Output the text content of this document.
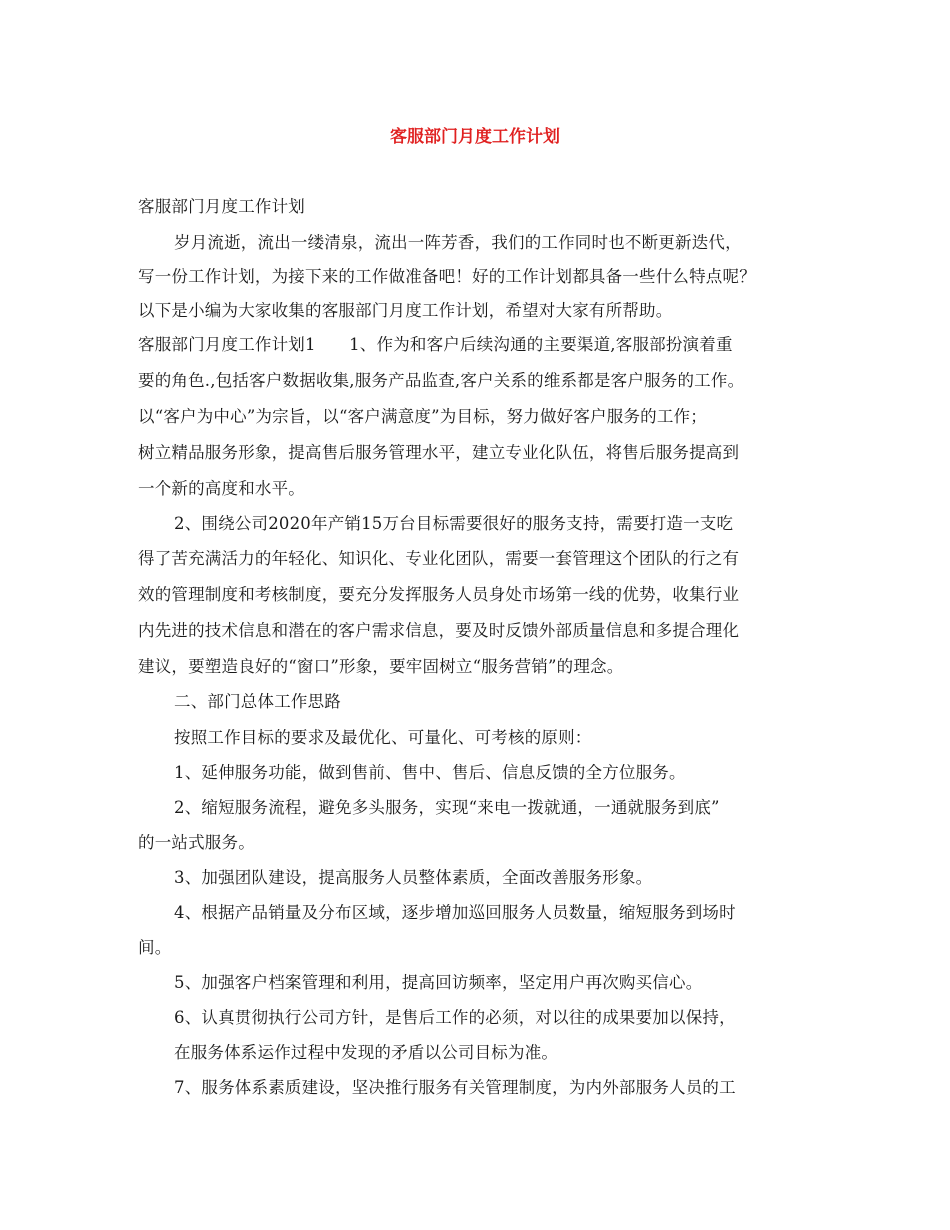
客服部门月度工作计划
客服部门月度工作计划
岁月流逝，流出一缕清泉，流出一阵芳香，我们的工作同时也不断更新迭代，
写一份工作计划，为接下来的工作做准备吧！好的工作计划都具备一些什么特点呢？
以下是小编为大家收集的客服部门月度工作计划，希望对大家有所帮助。
客服部门月度工作计划1　　1、作为和客户后续沟通的主要渠道,客服部扮演着重
要的角色.,包括客户数据收集,服务产品监查,客户关系的维系都是客户服务的工作。
以“客户为中心”为宗旨，以“客户满意度”为目标，努力做好客户服务的工作；
树立精品服务形象，提高售后服务管理水平，建立专业化队伍，将售后服务提高到
一个新的高度和水平。
2、围绕公司2020年产销15万台目标需要很好的服务支持，需要打造一支吃
得了苦充满活力的年轻化、知识化、专业化团队，需要一套管理这个团队的行之有
效的管理制度和考核制度，要充分发挥服务人员身处市场第一线的优势，收集行业
内先进的技术信息和潜在的客户需求信息，要及时反馈外部质量信息和多提合理化
建议，要塑造良好的“窗口”形象，要牢固树立“服务营销”的理念。
二、部门总体工作思路
按照工作目标的要求及最优化、可量化、可考核的原则：
1、延伸服务功能，做到售前、售中、售后、信息反馈的全方位服务。
2、缩短服务流程，避免多头服务，实现“来电一拨就通，一通就服务到底”
的一站式服务。
3、加强团队建设，提高服务人员整体素质，全面改善服务形象。
4、根据产品销量及分布区域，逐步增加巡回服务人员数量，缩短服务到场时
间。
5、加强客户档案管理和利用，提高回访频率，坚定用户再次购买信心。
6、认真贯彻执行公司方针，是售后工作的必须，对以往的成果要加以保持，
在服务体系运作过程中发现的矛盾以公司目标为准。
7、服务体系素质建设，坚决推行服务有关管理制度，为内外部服务人员的工
